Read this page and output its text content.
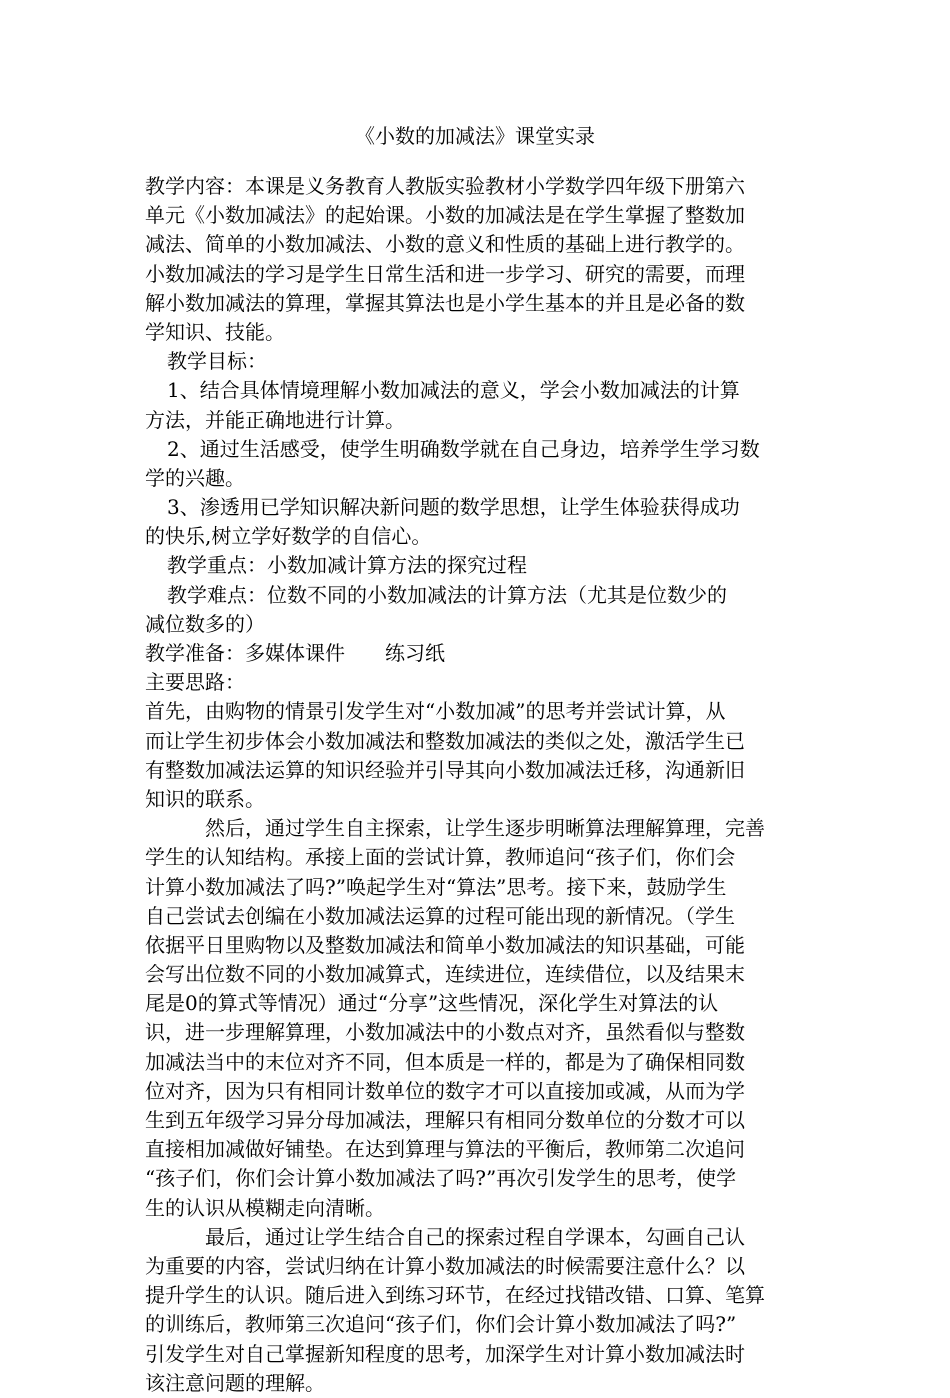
《小数的加减法》课堂实录
教学内容：本课是义务教育人教版实验教材小学数学四年级下册第六
单元《小数加减法》的起始课。小数的加减法是在学生掌握了整数加
减法、简单的小数加减法、小数的意义和性质的基础上进行教学的。
小数加减法的学习是学生日常生活和进一步学习、研究的需要，而理
解小数加减法的算理，掌握其算法也是小学生基本的并且是必备的数
学知识、技能。
教学目标：
1、结合具体情境理解小数加减法的意义，学会小数加减法的计算
方法，并能正确地进行计算。
2、通过生活感受，使学生明确数学就在自己身边，培养学生学习数
学的兴趣。
3、渗透用已学知识解决新问题的数学思想，让学生体验获得成功
的快乐,树立学好数学的自信心。
教学重点：小数加减计算方法的探究过程
教学难点：位数不同的小数加减法的计算方法（尤其是位数少的
减位数多的）
教学准备：多媒体课件　　练习纸
主要思路：
首先，由购物的情景引发学生对“小数加减”的思考并尝试计算，从
而让学生初步体会小数加减法和整数加减法的类似之处，激活学生已
有整数加减法运算的知识经验并引导其向小数加减法迁移，沟通新旧
知识的联系。
然后，通过学生自主探索，让学生逐步明晰算法理解算理，完善
学生的认知结构。承接上面的尝试计算，教师追问“孩子们，你们会
计算小数加减法了吗?”唤起学生对“算法”思考。接下来，鼓励学生
自己尝试去创编在小数加减法运算的过程可能出现的新情况。（学生
依据平日里购物以及整数加减法和简单小数加减法的知识基础，可能
会写出位数不同的小数加减算式，连续进位，连续借位，以及结果末
尾是0的算式等情况）通过“分享”这些情况，深化学生对算法的认
识，进一步理解算理，小数加减法中的小数点对齐，虽然看似与整数
加减法当中的末位对齐不同，但本质是一样的，都是为了确保相同数
位对齐，因为只有相同计数单位的数字才可以直接加或减，从而为学
生到五年级学习异分母加减法，理解只有相同分数单位的分数才可以
直接相加减做好铺垫。在达到算理与算法的平衡后，教师第二次追问
“孩子们，你们会计算小数加减法了吗?”再次引发学生的思考，使学
生的认识从模糊走向清晰。
最后，通过让学生结合自己的探索过程自学课本，勾画自己认
为重要的内容，尝试归纳在计算小数加减法的时候需要注意什么？以
提升学生的认识。随后进入到练习环节，在经过找错改错、口算、笔算
的训练后，教师第三次追问“孩子们，你们会计算小数加减法了吗?”
引发学生对自己掌握新知程度的思考，加深学生对计算小数加减法时
该注意问题的理解。
